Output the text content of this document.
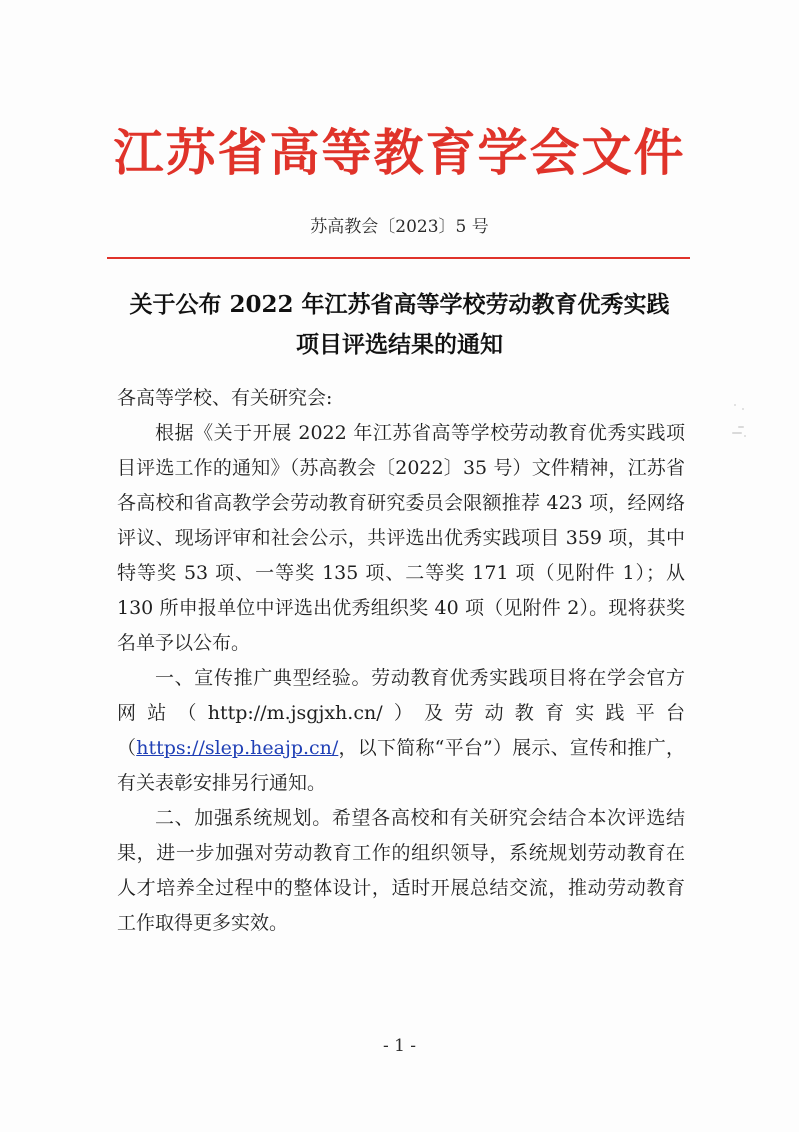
江苏省高等教育学会文件
苏高教会〔2023〕5 号
关于公布 2022 年江苏省高等学校劳动教育优秀实践
项目评选结果的通知

各高等学校、有关研究会:

根据《关于开展 2022 年江苏省高等学校劳动教育优秀实践项目评选工作的通知》（苏高教会〔2022〕35 号）文件精神，江苏省各高校和省高教学会劳动教育研究委员会限额推荐 423 项，经网络评议、现场评审和社会公示，共评选出优秀实践项目 359 项，其中特等奖 53 项、一等奖 135 项、二等奖 171 项（见附件 1）；从 130 所申报单位中评选出优秀组织奖 40 项（见附件 2）。现将获奖名单予以公布。

一、宣传推广典型经验。劳动教育优秀实践项目将在学会官方网站（http://m.jsgjxh.cn/）及劳动教育实践平台（https://slep.heajp.cn/，以下简称“平台”）展示、宣传和推广，有关表彰安排另行通知。

二、加强系统规划。希望各高校和有关研究会结合本次评选结果，进一步加强对劳动教育工作的组织领导，系统规划劳动教育在人才培养全过程中的整体设计，适时开展总结交流，推动劳动教育工作取得更多实效。

- 1 -
